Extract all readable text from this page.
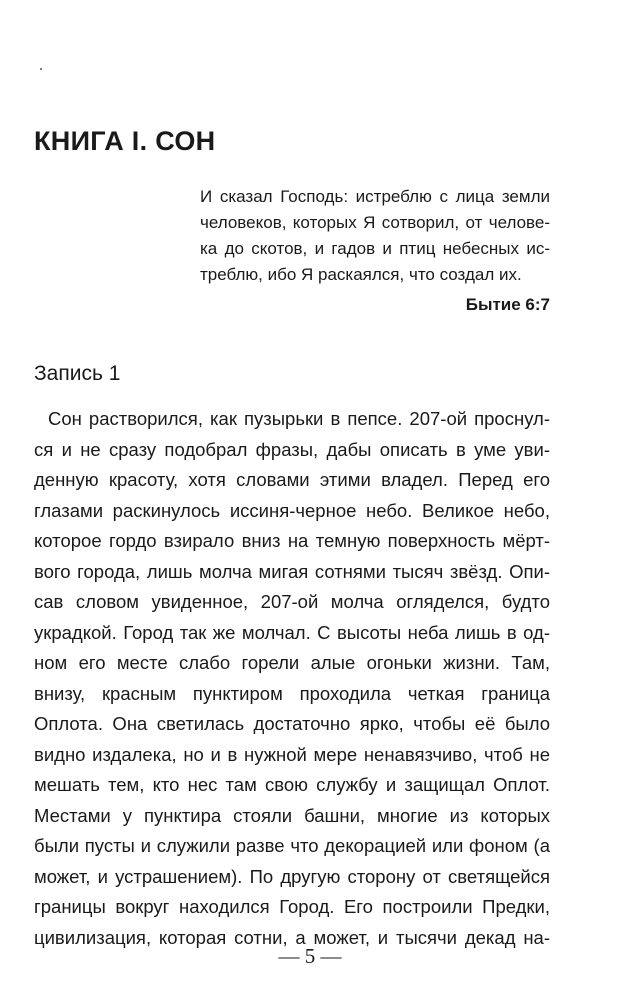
КНИГА I. СОН
И сказал Господь: истреблю с лица земли
человеков, которых Я сотворил, от челове-
ка до скотов, и гадов и птиц небесных ис-
треблю, ибо Я раскаялся, что создал их.
Бытие 6:7
Запись 1
Сон растворился, как пузырьки в пепсе. 207-ой проснул-
ся и не сразу подобрал фразы, дабы описать в уме уви-
денную красоту, хотя словами этими владел. Перед его
глазами раскинулось иссиня-черное небо. Великое небо,
которое гордо взирало вниз на темную поверхность мёрт-
вого города, лишь молча мигая сотнями тысяч звёзд. Опи-
сав словом увиденное, 207-ой молча огляделся, будто
украдкой. Город так же молчал. С высоты неба лишь в од-
ном его месте слабо горели алые огоньки жизни. Там,
внизу, красным пунктиром проходила четкая граница
Оплота. Она светилась достаточно ярко, чтобы её было
видно издалека, но и в нужной мере ненавязчиво, чтоб не
мешать тем, кто нес там свою службу и защищал Оплот.
Местами у пунктира стояли башни, многие из которых
были пусты и служили разве что декорацией или фоном (а
может, и устрашением). По другую сторону от светящейся
границы вокруг находился Город. Его построили Предки,
цивилизация, которая сотни, а может, и тысячи декад на-
— 5 —
